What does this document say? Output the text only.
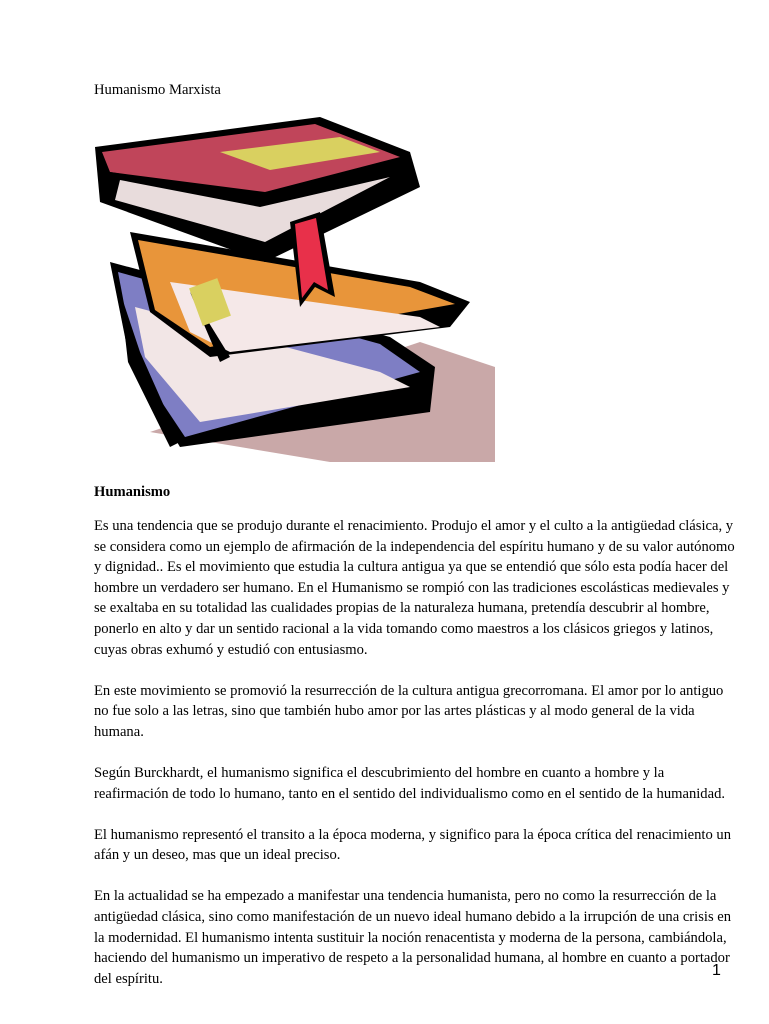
Humanismo Marxista
Humanismo

Es una tendencia que se produjo durante el renacimiento. Produjo el amor y el culto a la antigüedad clásica, y
se considera como un ejemplo de afirmación de la independencia del espíritu humano y de su valor autónomo
y dignidad.. Es el movimiento que estudia la cultura antigua ya que se entendió que sólo esta podía hacer del
hombre un verdadero ser humano. En el Humanismo se rompió con las tradiciones escolásticas medievales y
se exaltaba en su totalidad las cualidades propias de la naturaleza humana, pretendía descubrir al hombre,
ponerlo en alto y dar un sentido racional a la vida tomando como maestros a los clásicos griegos y latinos,
cuyas obras exhumó y estudió con entusiasmo.

En este movimiento se promovió la resurrección de la cultura antigua grecorromana. El amor por lo antiguo
no fue solo a las letras, sino que también hubo amor por las artes plásticas y al modo general de la vida
humana.

Según Burckhardt, el humanismo significa el descubrimiento del hombre en cuanto a hombre y la
reafirmación de todo lo humano, tanto en el sentido del individualismo como en el sentido de la humanidad.

El humanismo representó el transito a la época moderna, y significo para la época crítica del renacimiento un
afán y un deseo, mas que un ideal preciso.

En la actualidad se ha empezado a manifestar una tendencia humanista, pero no como la resurrección de la
antigüedad clásica, sino como manifestación de un nuevo ideal humano debido a la irrupción de una crisis en
la modernidad. El humanismo intenta sustituir la noción renacentista y moderna de la persona, cambiándola,
haciendo del humanismo un imperativo de respeto a la personalidad humana, al hombre en cuanto a portador
del espíritu.	1
